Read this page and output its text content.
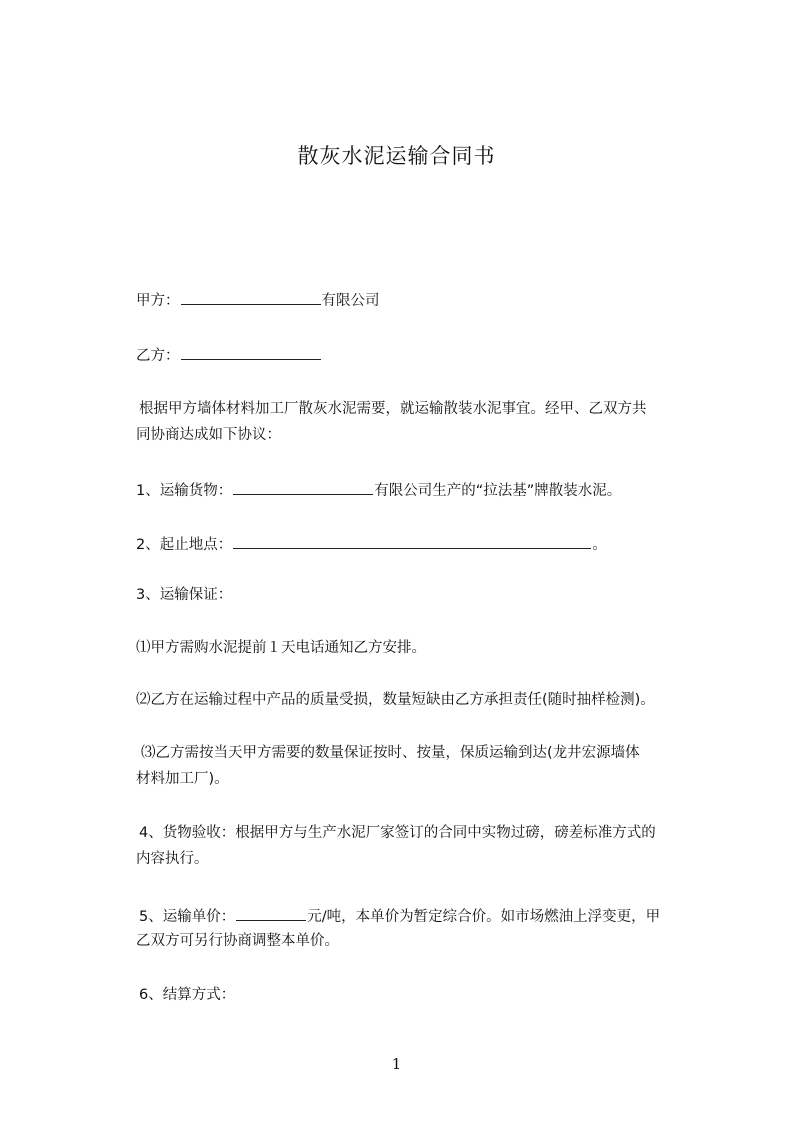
散灰水泥运输合同书
甲方：	有限公司
乙方：
根据甲方墙体材料加工厂散灰水泥需要，就运输散装水泥事宜。经甲、乙双方共
同协商达成如下协议：
1、运输货物：	有限公司生产的“拉法基”牌散装水泥。
2、起止地点：	。
3、运输保证：
⑴甲方需购水泥提前１天电话通知乙方安排。
⑵乙方在运输过程中产品的质量受损，数量短缺由乙方承担责任(随时抽样检测)。
⑶乙方需按当天甲方需要的数量保证按时、按量，保质运输到达(龙井宏源墙体
材料加工厂)。
4、货物验收：根据甲方与生产水泥厂家签订的合同中实物过磅，磅差标准方式的
内容执行。
5、运输单价：	元/吨，本单价为暂定综合价。如市场燃油上浮变更，甲
乙双方可另行协商调整本单价。
6、结算方式：
1
